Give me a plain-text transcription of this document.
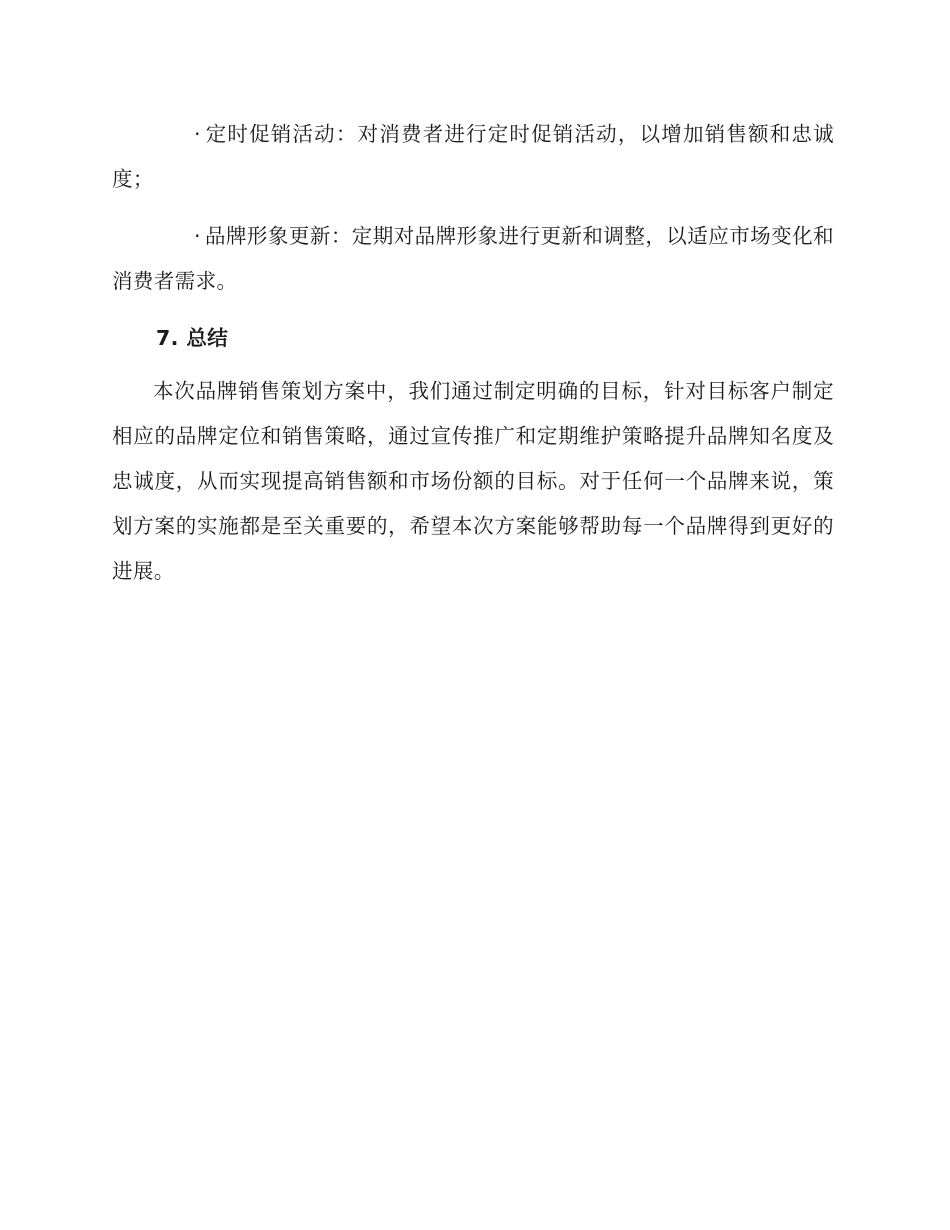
· 定时促销活动：对消费者进行定时促销活动，以增加销售额和忠诚度；

· 品牌形象更新：定期对品牌形象进行更新和调整，以适应市场变化和消费者需求。

7. 总结

本次品牌销售策划方案中，我们通过制定明确的目标，针对目标客户制定相应的品牌定位和销售策略，通过宣传推广和定期维护策略提升品牌知名度及忠诚度，从而实现提高销售额和市场份额的目标。对于任何一个品牌来说，策划方案的实施都是至关重要的，希望本次方案能够帮助每一个品牌得到更好的进展。
